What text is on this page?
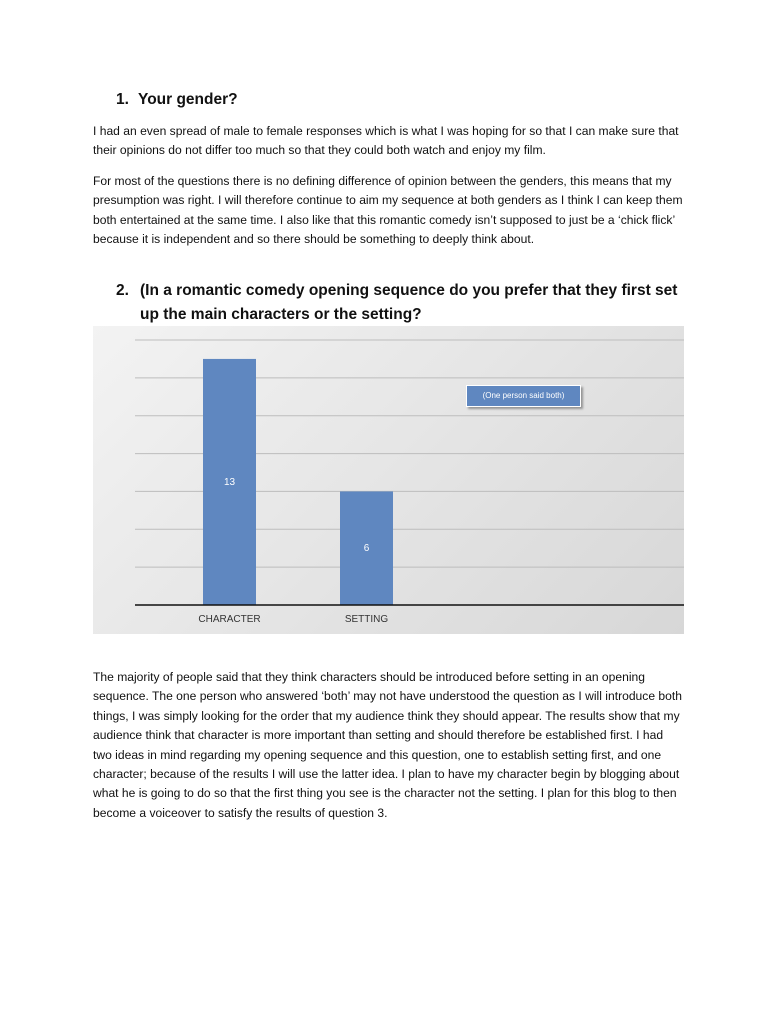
1. Your gender?

I had an even spread of male to female responses which is what I was hoping for so that I can make sure that their opinions do not differ too much so that they could both watch and enjoy my film.

For most of the questions there is no defining difference of opinion between the genders, this means that my presumption was right. I will therefore continue to aim my sequence at both genders as I think I can keep them both entertained at the same time. I also like that this romantic comedy isn’t supposed to just be a ‘chick flick’ because it is independent and so there should be something to deeply think about.

2. (In a romantic comedy opening sequence do you prefer that they first set up the main characters or the setting?
13
CHARACTER
6
SETTING
(One person said both)

The majority of people said that they think characters should be introduced before setting in an opening sequence. The one person who answered ‘both’ may not have understood the question as I will introduce both things, I was simply looking for the order that my audience think they should appear. The results show that my audience think that character is more important than setting and should therefore be established first. I had two ideas in mind regarding my opening sequence and this question, one to establish setting first, and one character; because of the results I will use the latter idea. I plan to have my character begin by blogging about what he is going to do so that the first thing you see is the character not the setting. I plan for this blog to then become a voiceover to satisfy the results of question 3.
